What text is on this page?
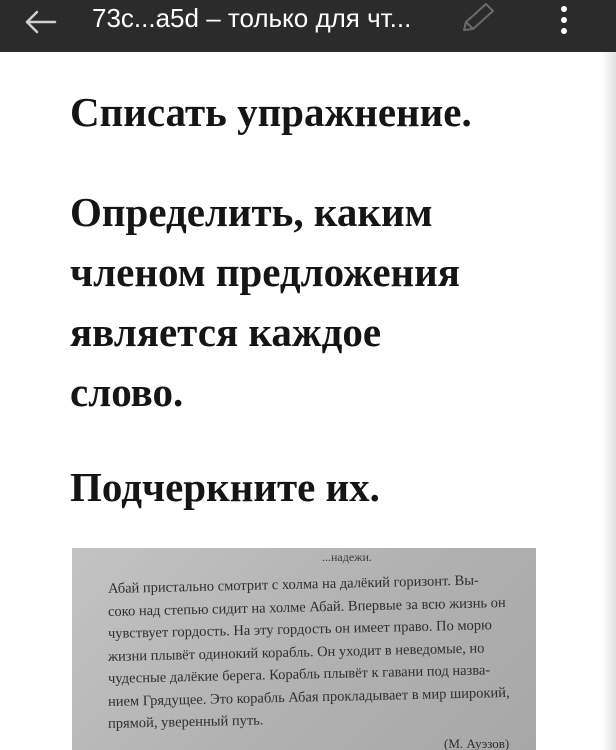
73c...a5d – только для чт...

Списать упражнение.

Определить, каким
членом предложения
является каждое
слово.

Подчеркните их.

...надежи.
Абай пристально смотрит с холма на далёкий горизонт. Вы-
соко над степью сидит на холме Абай. Впервые за всю жизнь он
чувствует гордость. На эту гордость он имеет право. По морю
жизни плывёт одинокий корабль. Он уходит в неведомые, но
чудесные далёкие берега. Корабль плывёт к гавани под назва-
нием Грядущее. Это корабль Абая прокладывает в мир широкий,
прямой, уверенный путь.
(М. Ауэзов)
